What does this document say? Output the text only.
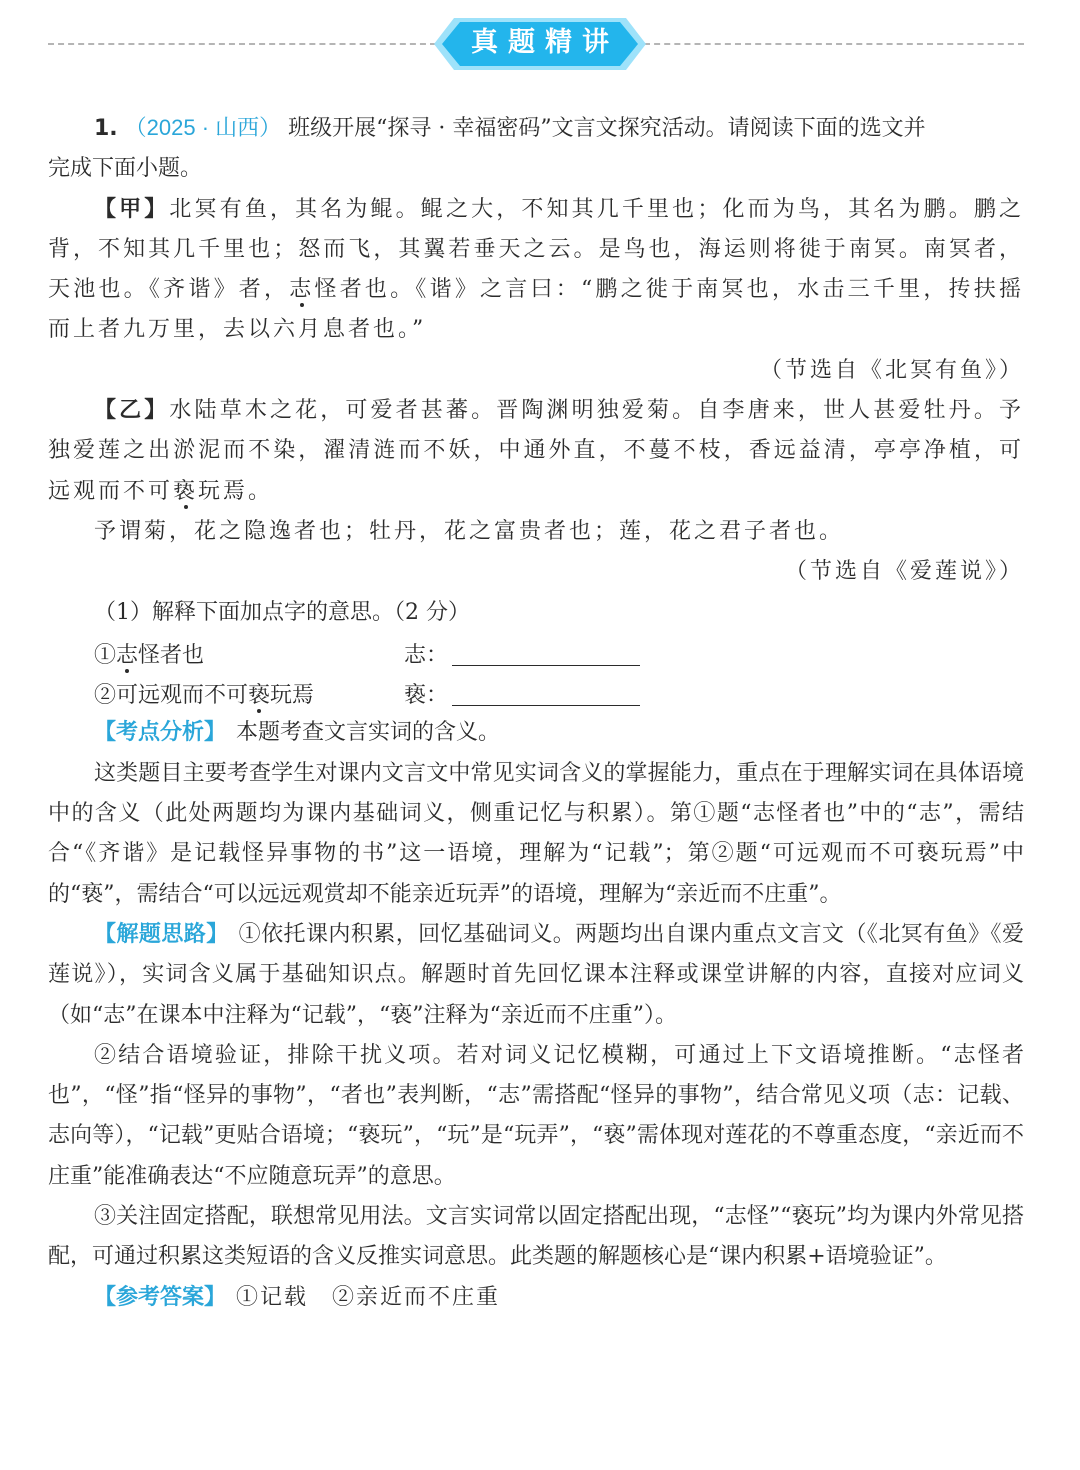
真题精讲

1. （2025 · 山西） 班级开展“探寻 · 幸福密码”文言文探究活动。请阅读下面的选文并

完成下面小题。

【甲】北冥有鱼，其名为鲲。鲲之大，不知其几千里也；化而为鸟，其名为鹏。鹏之背，不知其几千里也；怒而飞，其翼若垂天之云。是鸟也，海运则将徙于南冥。南冥者，天池也。《齐谐》者，志怪者也。《谐》之言曰：“鹏之徙于南冥也，水击三千里，抟扶摇而上者九万里，去以六月息者也。”

（节选自《北冥有鱼》）

【乙】水陆草木之花，可爱者甚蕃。晋陶渊明独爱菊。自李唐来，世人甚爱牡丹。予独爱莲之出淤泥而不染，濯清涟而不妖，中通外直，不蔓不枝，香远益清，亭亭净植，可远观而不可亵玩焉。

予谓菊，花之隐逸者也；牡丹，花之富贵者也；莲，花之君子者也。

（节选自《爱莲说》）

（1）解释下面加点字的意思。（2 分）

①志怪者也	志：
②可远观而不可亵玩焉	亵：

【考点分析】 本题考查文言实词的含义。

这类题目主要考查学生对课内文言文中常见实词含义的掌握能力，重点在于理解实词在具体语境中的含义（此处两题均为课内基础词义，侧重记忆与积累）。第①题“志怪者也”中的“志”，需结合“《齐谐》是记载怪异事物的书”这一语境，理解为“记载”；第②题“可远观而不可亵玩焉”中的“亵”，需结合“可以远远观赏却不能亲近玩弄”的语境，理解为“亲近而不庄重”。

【解题思路】 ①依托课内积累，回忆基础词义。两题均出自课内重点文言文（《北冥有鱼》《爱莲说》），实词含义属于基础知识点。解题时首先回忆课本注释或课堂讲解的内容，直接对应词义（如“志”在课本中注释为“记载”，“亵”注释为“亲近而不庄重”）。

②结合语境验证，排除干扰义项。若对词义记忆模糊，可通过上下文语境推断。“志怪者也”，“怪”指“怪异的事物”，“者也”表判断，“志”需搭配“怪异的事物”，结合常见义项（志：记载、志向等），“记载”更贴合语境；“亵玩”，“玩”是“玩弄”，“亵”需体现对莲花的不尊重态度，“亲近而不庄重”能准确表达“不应随意玩弄”的意思。

③关注固定搭配，联想常见用法。文言实词常以固定搭配出现，“志怪”“亵玩”均为课内外常见搭配，可通过积累这类短语的含义反推实词意思。此类题的解题核心是“课内积累+语境验证”。

【参考答案】 ①记载　②亲近而不庄重
